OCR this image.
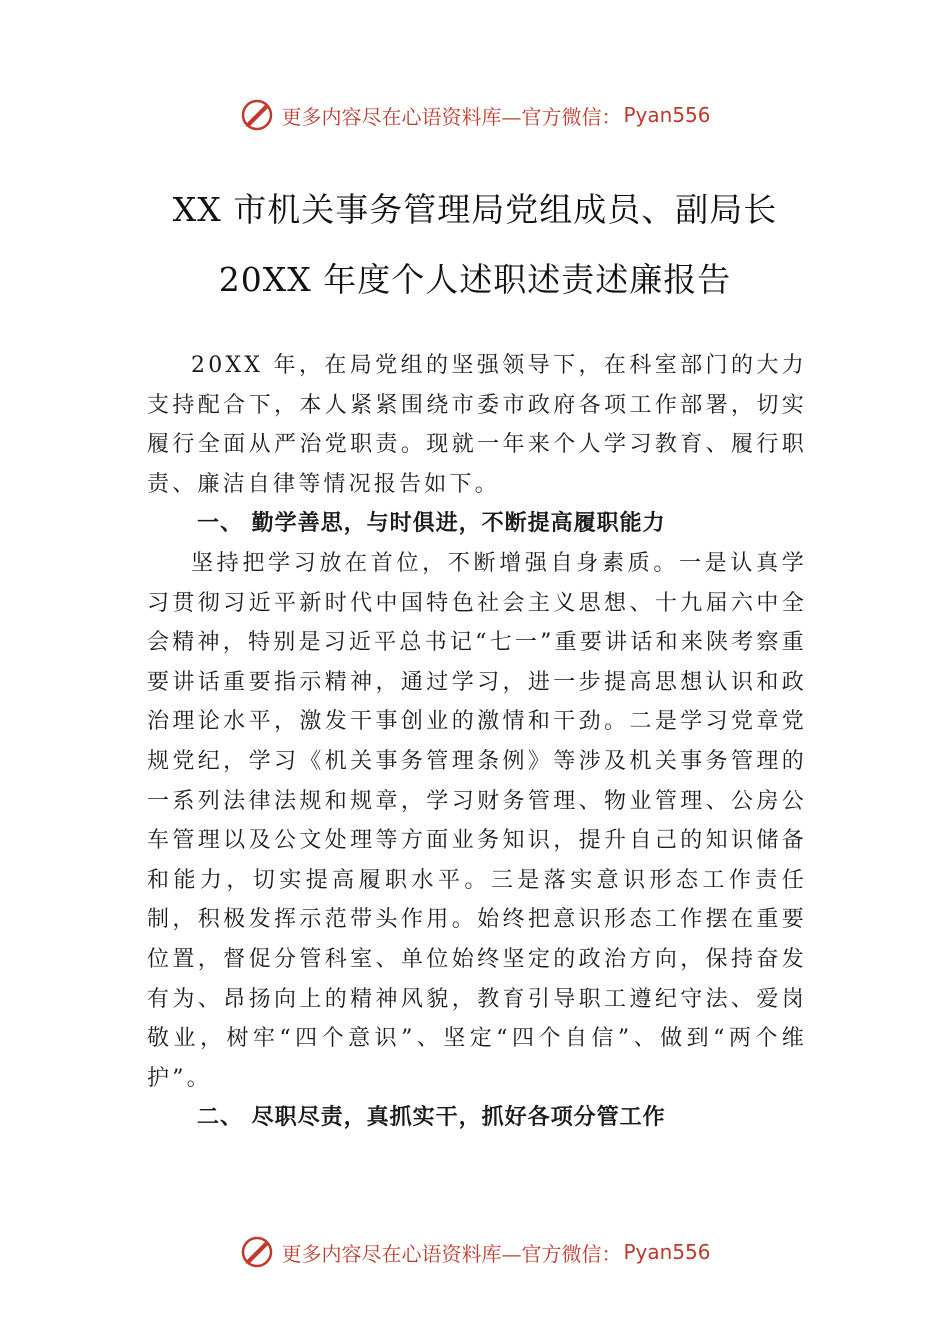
更多内容尽在心语资料库—官方微信： Pyan556
XX 市机关事务管理局党组成员、副局长
20XX 年度个人述职述责述廉报告

20XX 年，在局党组的坚强领导下，在科室部门的大力支持配合下，本人紧紧围绕市委市政府各项工作部署，切实履行全面从严治党职责。现就一年来个人学习教育、履行职责、廉洁自律等情况报告如下。

一、 勤学善思，与时俱进，不断提高履职能力

坚持把学习放在首位，不断增强自身素质。一是认真学习贯彻习近平新时代中国特色社会主义思想、十九届六中全会精神，特别是习近平总书记“七一”重要讲话和来陕考察重要讲话重要指示精神，通过学习，进一步提高思想认识和政治理论水平，激发干事创业的激情和干劲。二是学习党章党规党纪，学习《机关事务管理条例》等涉及机关事务管理的一系列法律法规和规章，学习财务管理、物业管理、公房公车管理以及公文处理等方面业务知识，提升自己的知识储备和能力，切实提高履职水平。三是落实意识形态工作责任制，积极发挥示范带头作用。始终把意识形态工作摆在重要位置，督促分管科室、单位始终坚定的政治方向，保持奋发有为、昂扬向上的精神风貌，教育引导职工遵纪守法、爱岗敬业，树牢“四个意识”、坚定“四个自信”、做到“两个维护”。

二、 尽职尽责，真抓实干，抓好各项分管工作
更多内容尽在心语资料库—官方微信： Pyan556
